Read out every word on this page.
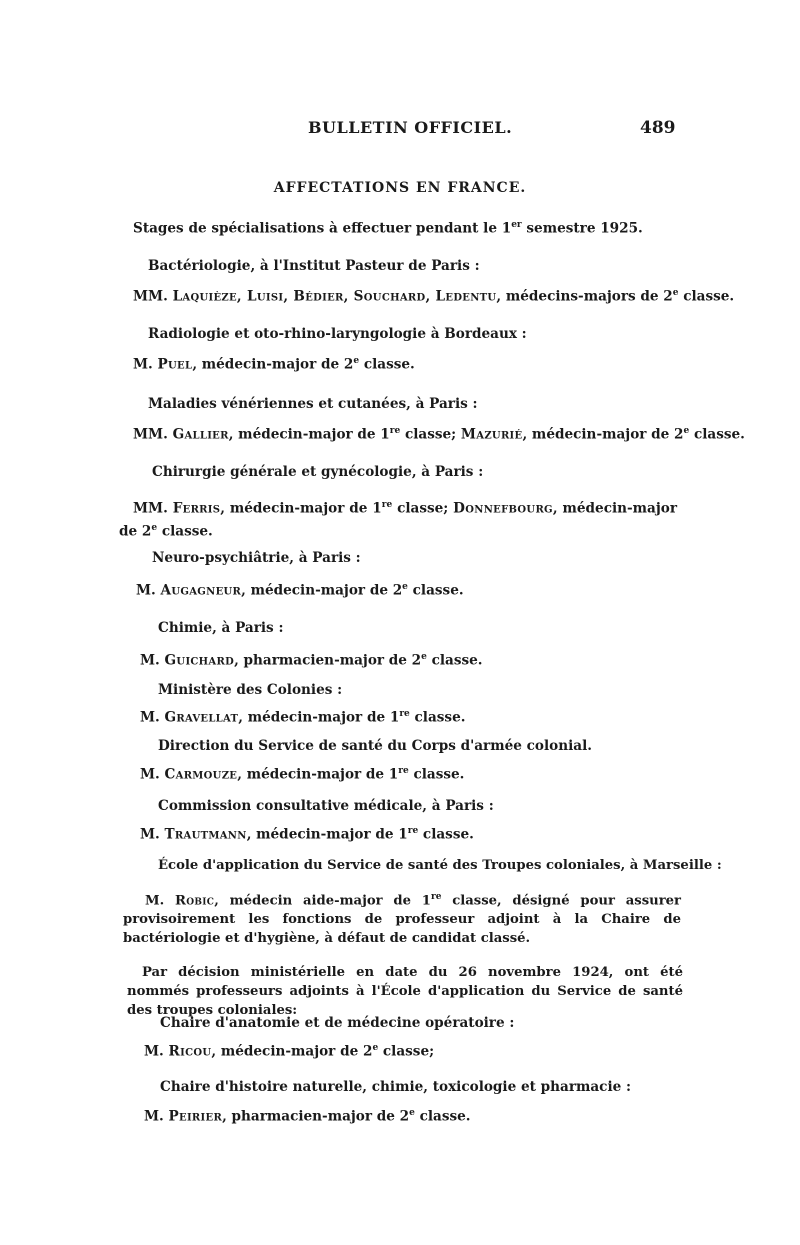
BULLETIN OFFICIEL.	489
AFFECTATIONS EN FRANCE.
Stages de spécialisations à effectuer pendant le 1er semestre 1925.
Bactériologie, à l'Institut Pasteur de Paris :
MM. Laquièze, Luisi, Bédier, Souchard, Ledentu, médecins-majors de 2e classe.
Radiologie et oto-rhino-laryngologie à Bordeaux :
M. Puel, médecin-major de 2e classe.
Maladies vénériennes et cutanées, à Paris :
MM. Gallier, médecin-major de 1re classe; Mazurié, médecin-major de 2e classe.
Chirurgie générale et gynécologie, à Paris :
MM. Ferris, médecin-major de 1re classe; Donnefbourg, médecin-major de 2e classe.
Neuro-psychiâtrie, à Paris :
M. Augagneur, médecin-major de 2e classe.
Chimie, à Paris :
M. Guichard, pharmacien-major de 2e classe.
Ministère des Colonies :
M. Gravellat, médecin-major de 1re classe.
Direction du Service de santé du Corps d'armée colonial.
M. Carmouze, médecin-major de 1re classe.
Commission consultative médicale, à Paris :
M. Trautmann, médecin-major de 1re classe.
École d'application du Service de santé des Troupes coloniales, à Marseille :
M. Robic, médecin aide-major de 1re classe, désigné pour assurer provisoirement les fonctions de professeur adjoint à la Chaire de bactériologie et d'hygiène, à défaut de candidat classé.
Par décision ministérielle en date du 26 novembre 1924, ont été nommés professeurs adjoints à l'École d'application du Service de santé des troupes coloniales:
Chaire d'anatomie et de médecine opératoire :
M. Ricou, médecin-major de 2e classe;
Chaire d'histoire naturelle, chimie, toxicologie et pharmacie :
M. Peirier, pharmacien-major de 2e classe.
